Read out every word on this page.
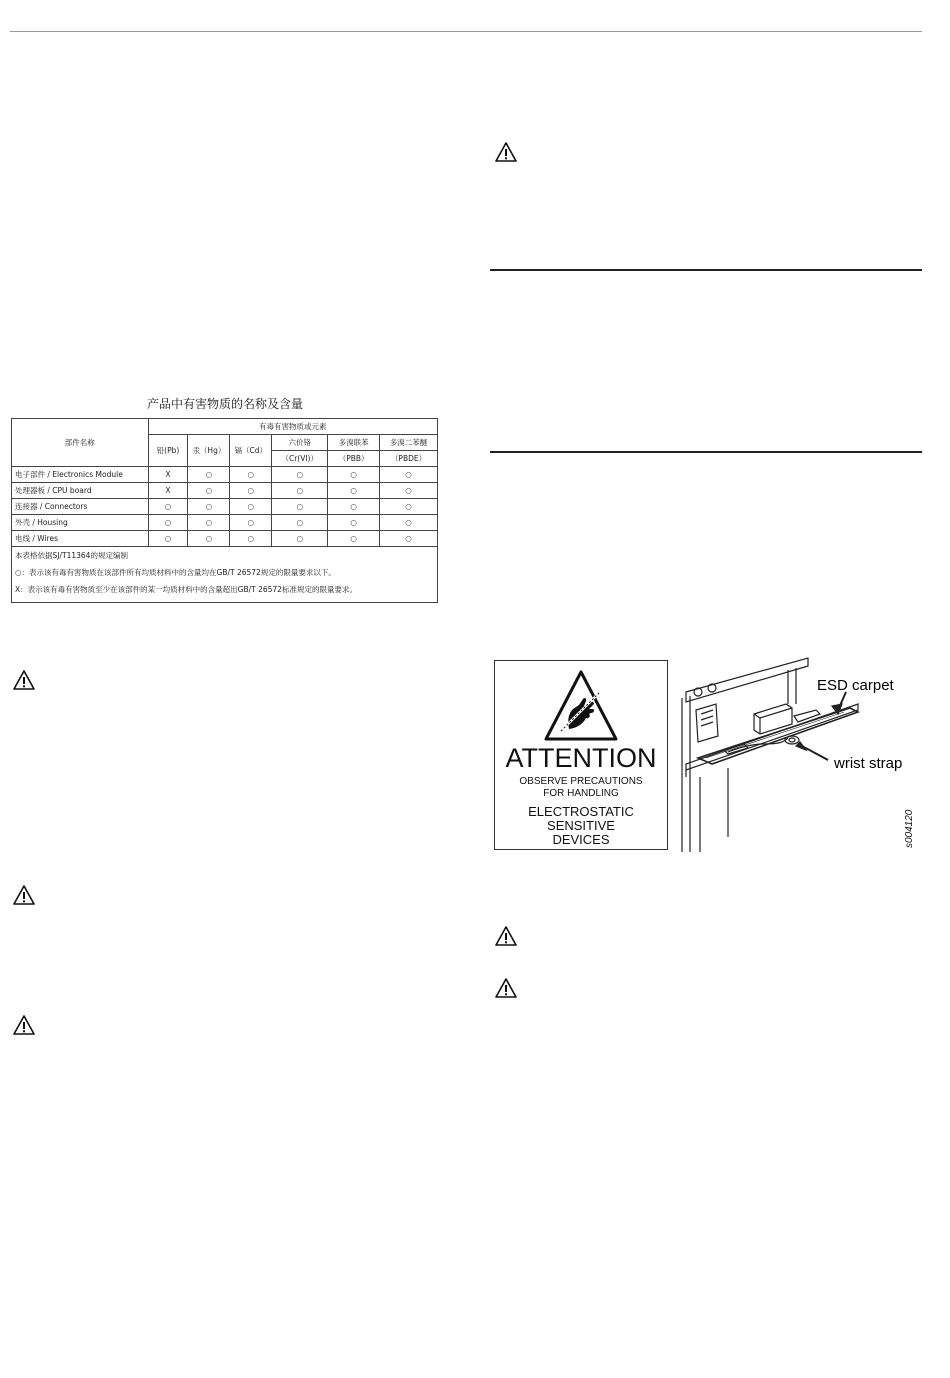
产品中有害物质的名称及含量
部件名称	有毒有害物质或元素					
	铅(Pb)	汞（Hg）	镉（Cd）	六价铬	多溴联苯	多溴二苯醚
				（Cr(VI)）	（PBB）	（PBDE）
电子部件 / Electronics Module	X	○	○	○	○	○
处理器板 / CPU board	X	○	○	○	○	○
连接器 / Connectors	○	○	○	○	○	○
外壳 / Housing	○	○	○	○	○	○
电线 / Wires	○	○	○	○	○	○
本表格依据SJ/T11364的规定编制						
○：表示该有毒有害物质在该部件所有均质材料中的含量均在GB/T 26572规定的限量要求以下。						
X：表示该有毒有害物质至少在该部件的某一均质材料中的含量超出GB/T 26572标准规定的限量要求。						
ATTENTION
OBSERVE PRECAUTIONS
FOR HANDLING
ELECTROSTATIC
SENSITIVE
DEVICES
ESD carpet
wrist strap
s004120
